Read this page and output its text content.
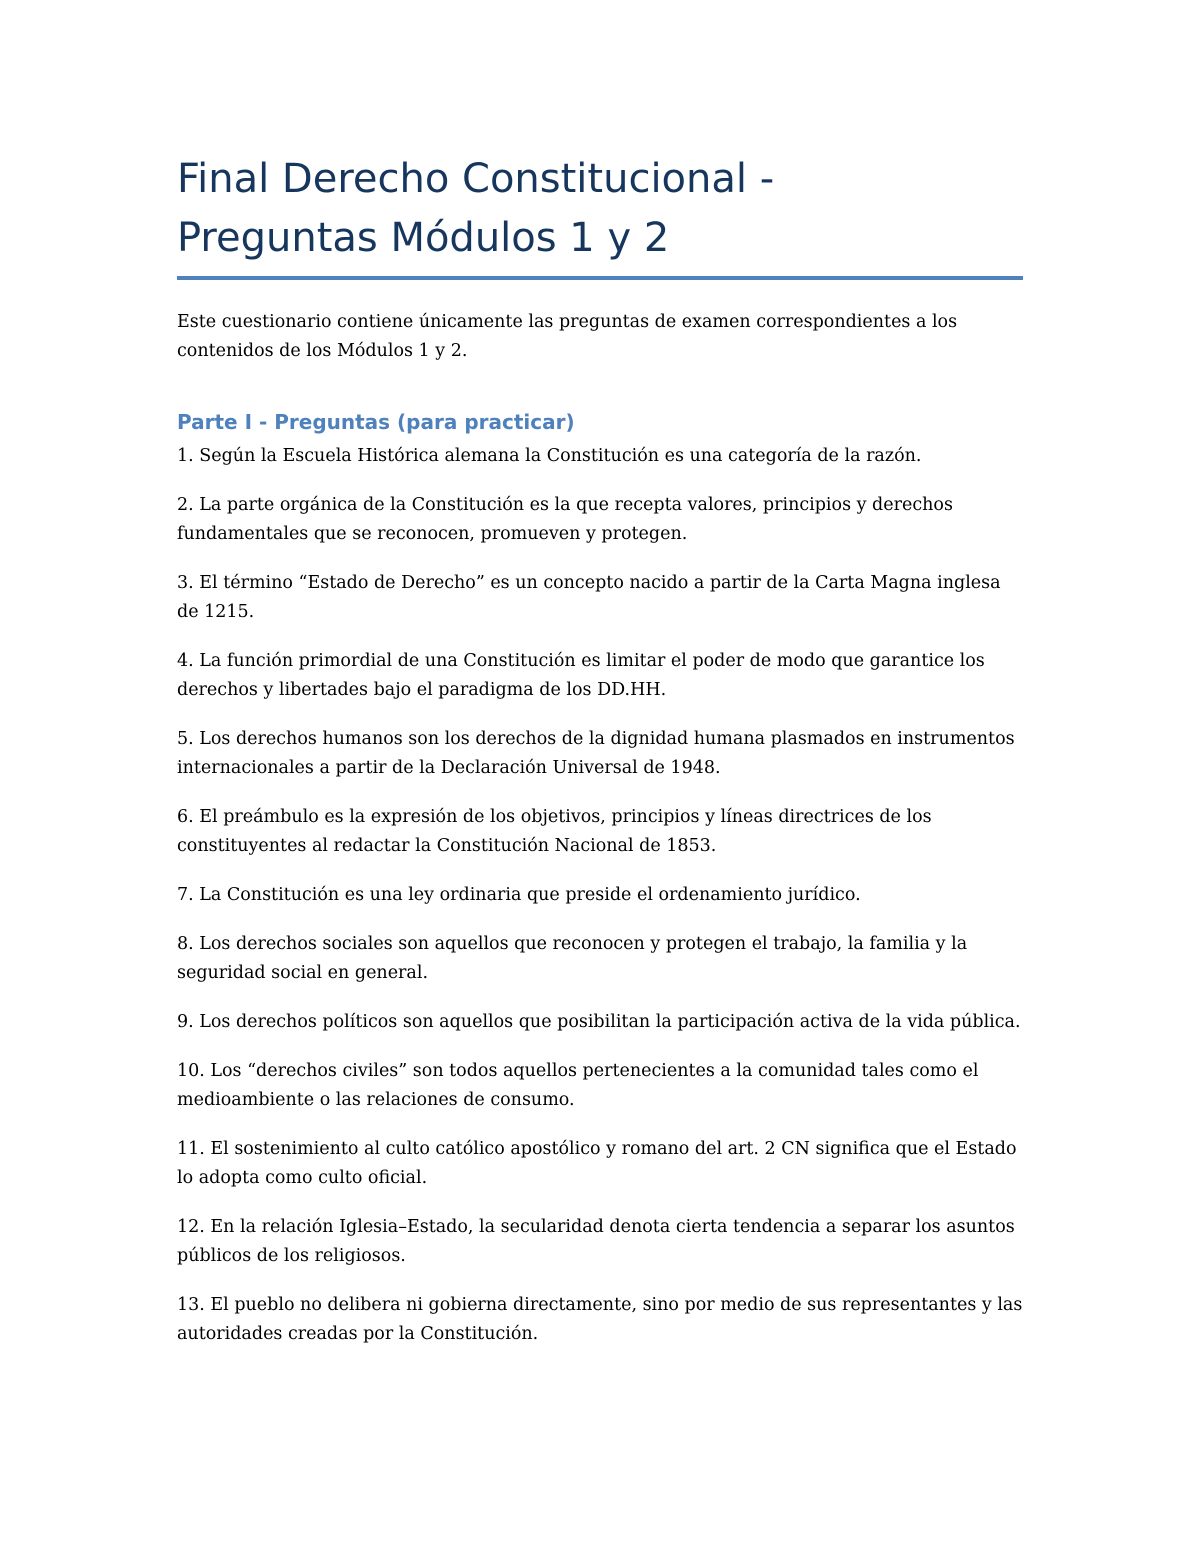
Final Derecho Constitucional -
Preguntas Módulos 1 y 2

Este cuestionario contiene únicamente las preguntas de examen correspondientes a los contenidos de los Módulos 1 y 2.

Parte I - Preguntas (para practicar)
1. Según la Escuela Histórica alemana la Constitución es una categoría de la razón.
2. La parte orgánica de la Constitución es la que recepta valores, principios y derechos fundamentales que se reconocen, promueven y protegen.
3. El término “Estado de Derecho” es un concepto nacido a partir de la Carta Magna inglesa de 1215.
4. La función primordial de una Constitución es limitar el poder de modo que garantice los derechos y libertades bajo el paradigma de los DD.HH.
5. Los derechos humanos son los derechos de la dignidad humana plasmados en instrumentos internacionales a partir de la Declaración Universal de 1948.
6. El preámbulo es la expresión de los objetivos, principios y líneas directrices de los constituyentes al redactar la Constitución Nacional de 1853.
7. La Constitución es una ley ordinaria que preside el ordenamiento jurídico.
8. Los derechos sociales son aquellos que reconocen y protegen el trabajo, la familia y la seguridad social en general.
9. Los derechos políticos son aquellos que posibilitan la participación activa de la vida pública.
10. Los “derechos civiles” son todos aquellos pertenecientes a la comunidad tales como el medioambiente o las relaciones de consumo.
11. El sostenimiento al culto católico apostólico y romano del art. 2 CN significa que el Estado lo adopta como culto oficial.
12. En la relación Iglesia–Estado, la secularidad denota cierta tendencia a separar los asuntos públicos de los religiosos.
13. El pueblo no delibera ni gobierna directamente, sino por medio de sus representantes y las autoridades creadas por la Constitución.
